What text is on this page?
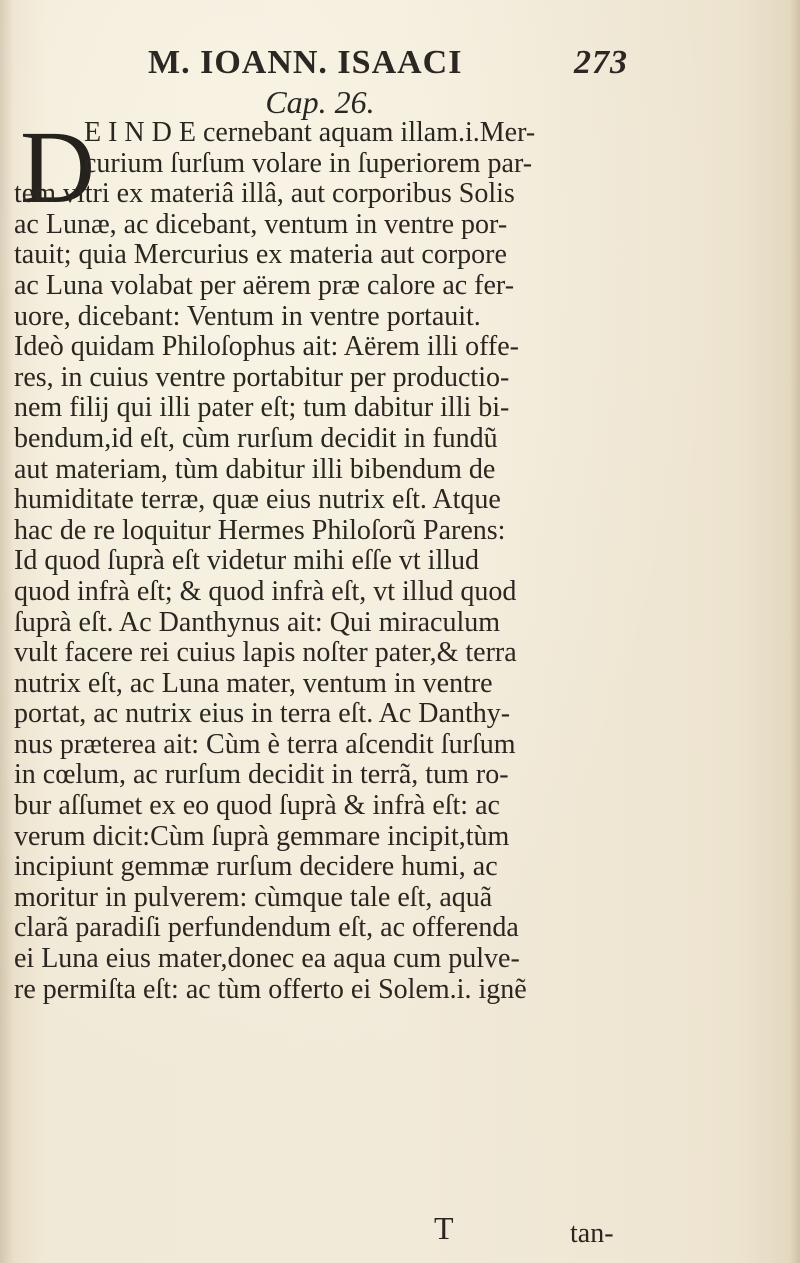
M. IOANN. ISAACI	273
Cap. 26.
D
E I N D E cernebant aquam illam.i.Mer-
curium ſurſum volare in ſuperiorem par-
tem vitri ex materiâ illâ, aut corporibus Solis
ac Lunæ, ac dicebant, ventum in ventre por-
tauit; quia Mercurius ex materia aut corpore
ac Luna volabat per aërem præ calore ac fer-
uore, dicebant: Ventum in ventre portauit.
Ideò quidam Philoſophus ait: Aërem illi offe-
res, in cuius ventre portabitur per productio-
nem filij qui illi pater eſt; tum dabitur illi bi-
bendum,id eſt, cùm rurſum decidit in fundũ
aut materiam, tùm dabitur illi bibendum de
humiditate terræ, quæ eius nutrix eſt. Atque
hac de re loquitur Hermes Philoſorũ Parens:
Id quod ſuprà eſt videtur mihi eſſe vt illud
quod infrà eſt; & quod infrà eſt, vt illud quod
ſuprà eſt. Ac Danthynus ait: Qui miraculum
vult facere rei cuius lapis noſter pater,& terra
nutrix eſt, ac Luna mater, ventum in ventre
portat, ac nutrix eius in terra eſt. Ac Danthy-
nus præterea ait: Cùm è terra aſcendit ſurſum
in cœlum, ac rurſum decidit in terrã, tum ro-
bur aſſumet ex eo quod ſuprà & infrà eſt: ac
verum dicit:Cùm ſuprà gemmare incipit,tùm
incipiunt gemmæ rurſum decidere humi, ac
moritur in pulverem: cùmque tale eſt, aquã
clarã paradiſi perfundendum eſt, ac offerenda
ei Luna eius mater,donec ea aqua cum pulve-
re permiſta eſt: ac tùm offerto ei Solem.i. ignẽ
T	tan-
